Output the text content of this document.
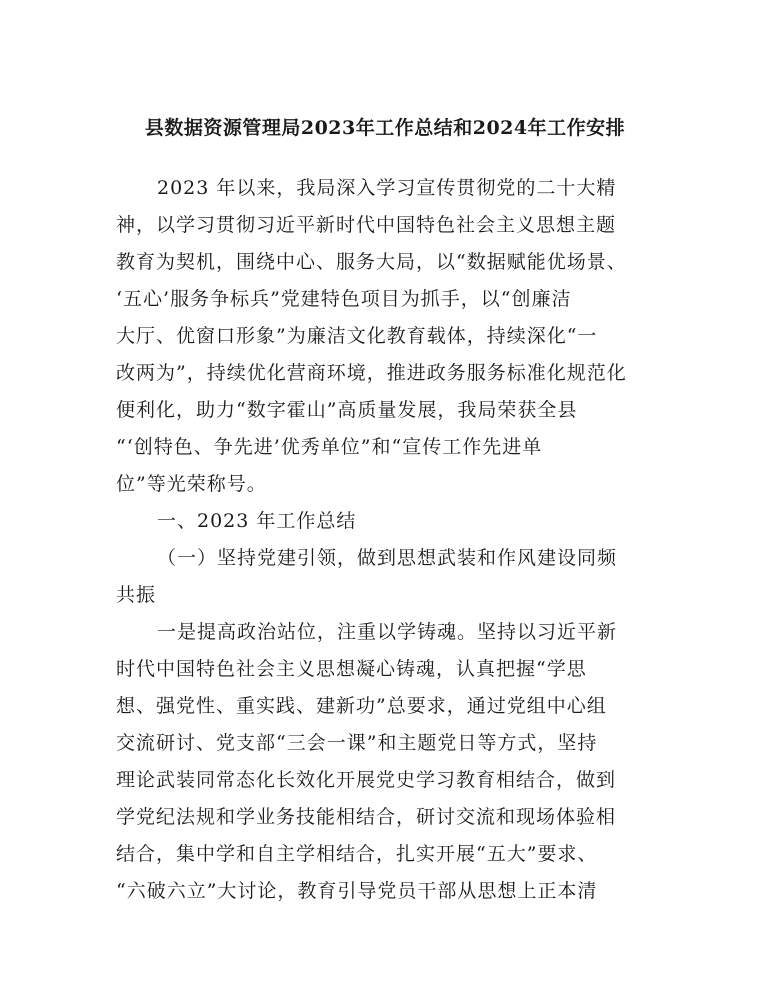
县数据资源管理局2023年工作总结和2024年工作安排
2023 年以来，我局深入学习宣传贯彻党的二十大精
神，以学习贯彻习近平新时代中国特色社会主义思想主题
教育为契机，围绕中心、服务大局，以“数据赋能优场景、
‘五心’服务争标兵”党建特色项目为抓手，以“创廉洁
大厅、优窗口形象”为廉洁文化教育载体，持续深化“一
改两为”，持续优化营商环境，推进政务服务标准化规范化
便利化，助力“数字霍山”高质量发展，我局荣获全县
“‘创特色、争先进’优秀单位”和“宣传工作先进单
位”等光荣称号。
一、2023 年工作总结
（一）坚持党建引领，做到思想武装和作风建设同频
共振
一是提高政治站位，注重以学铸魂。坚持以习近平新
时代中国特色社会主义思想凝心铸魂，认真把握“学思
想、强党性、重实践、建新功”总要求，通过党组中心组
交流研讨、党支部“三会一课”和主题党日等方式，坚持
理论武装同常态化长效化开展党史学习教育相结合，做到
学党纪法规和学业务技能相结合，研讨交流和现场体验相
结合，集中学和自主学相结合，扎实开展“五大”要求、
“六破六立”大讨论，教育引导党员干部从思想上正本清
